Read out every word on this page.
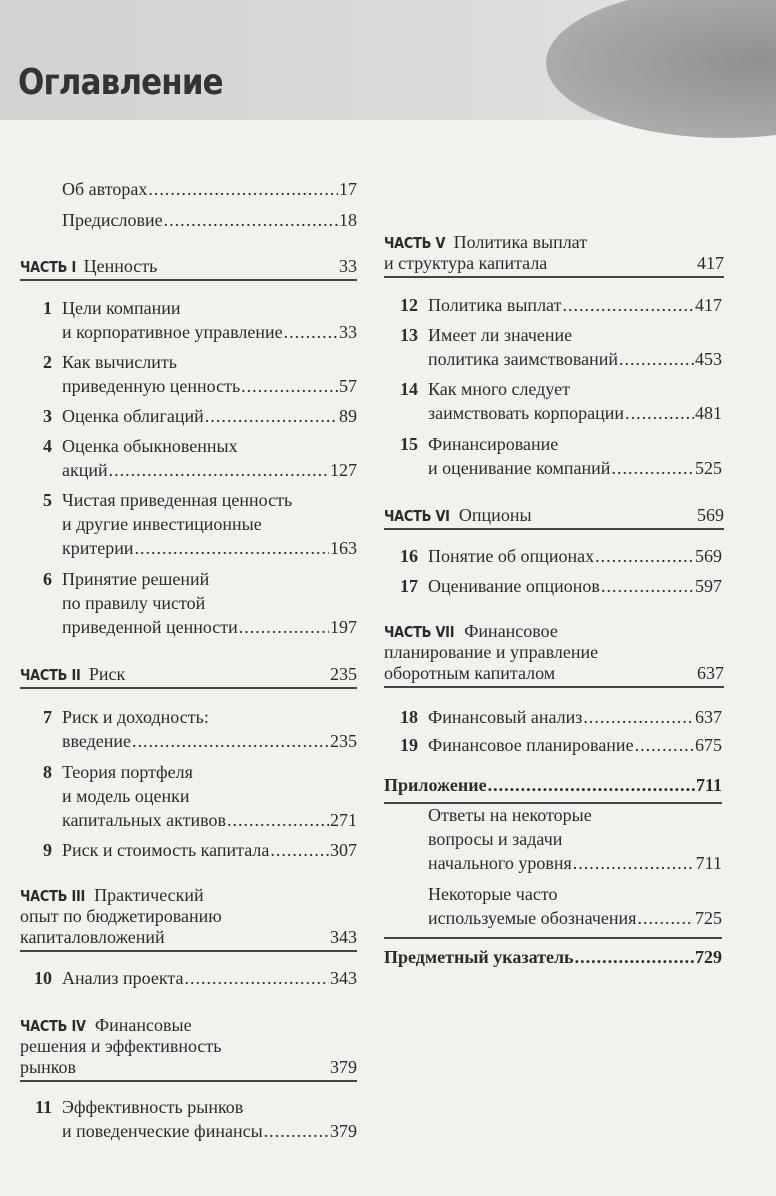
Оглавление
Об авторах .....	17
Предисловие .....	18
ЧАСТЬ I Ценность	33
1 Цели компании
и корпоративное управление .....	33
2 Как вычислить
приведенную ценность .....	57
3 Оценка облигаций .....	89
4 Оценка обыкновенных
акций .....	127
5 Чистая приведенная ценность
и другие инвестиционные
критерии .....	163
6 Принятие решений
по правилу чистой
приведенной ценности .....	197
ЧАСТЬ II Риск	235
7 Риск и доходность:
введение .....	235
8 Теория портфеля
и модель оценки
капитальных активов .....	271
9 Риск и стоимость капитала .....	307
ЧАСТЬ III Практический
опыт по бюджетированию
капиталовложений	343
10 Анализ проекта .....	343
ЧАСТЬ IV Финансовые
решения и эффективность
рынков	379
11 Эффективность рынков
и поведенческие финансы .....	379
ЧАСТЬ V Политика выплат
и структура капитала	417
12 Политика выплат .....	417
13 Имеет ли значение
политика заимствований .....	453
14 Как много следует
заимствовать корпорации .....	481
15 Финансирование
и оценивание компаний .....	525
ЧАСТЬ VI Опционы	569
16 Понятие об опционах .....	569
17 Оценивание опционов .....	597
ЧАСТЬ VII Финансовое
планирование и управление
оборотным капиталом	637
18 Финансовый анализ .....	637
19 Финансовое планирование .....	675
Приложение .....	711
Ответы на некоторые
вопросы и задачи
начального уровня .....	711
Некоторые часто
используемые обозначения .....	725
Предметный указатель .....	729
